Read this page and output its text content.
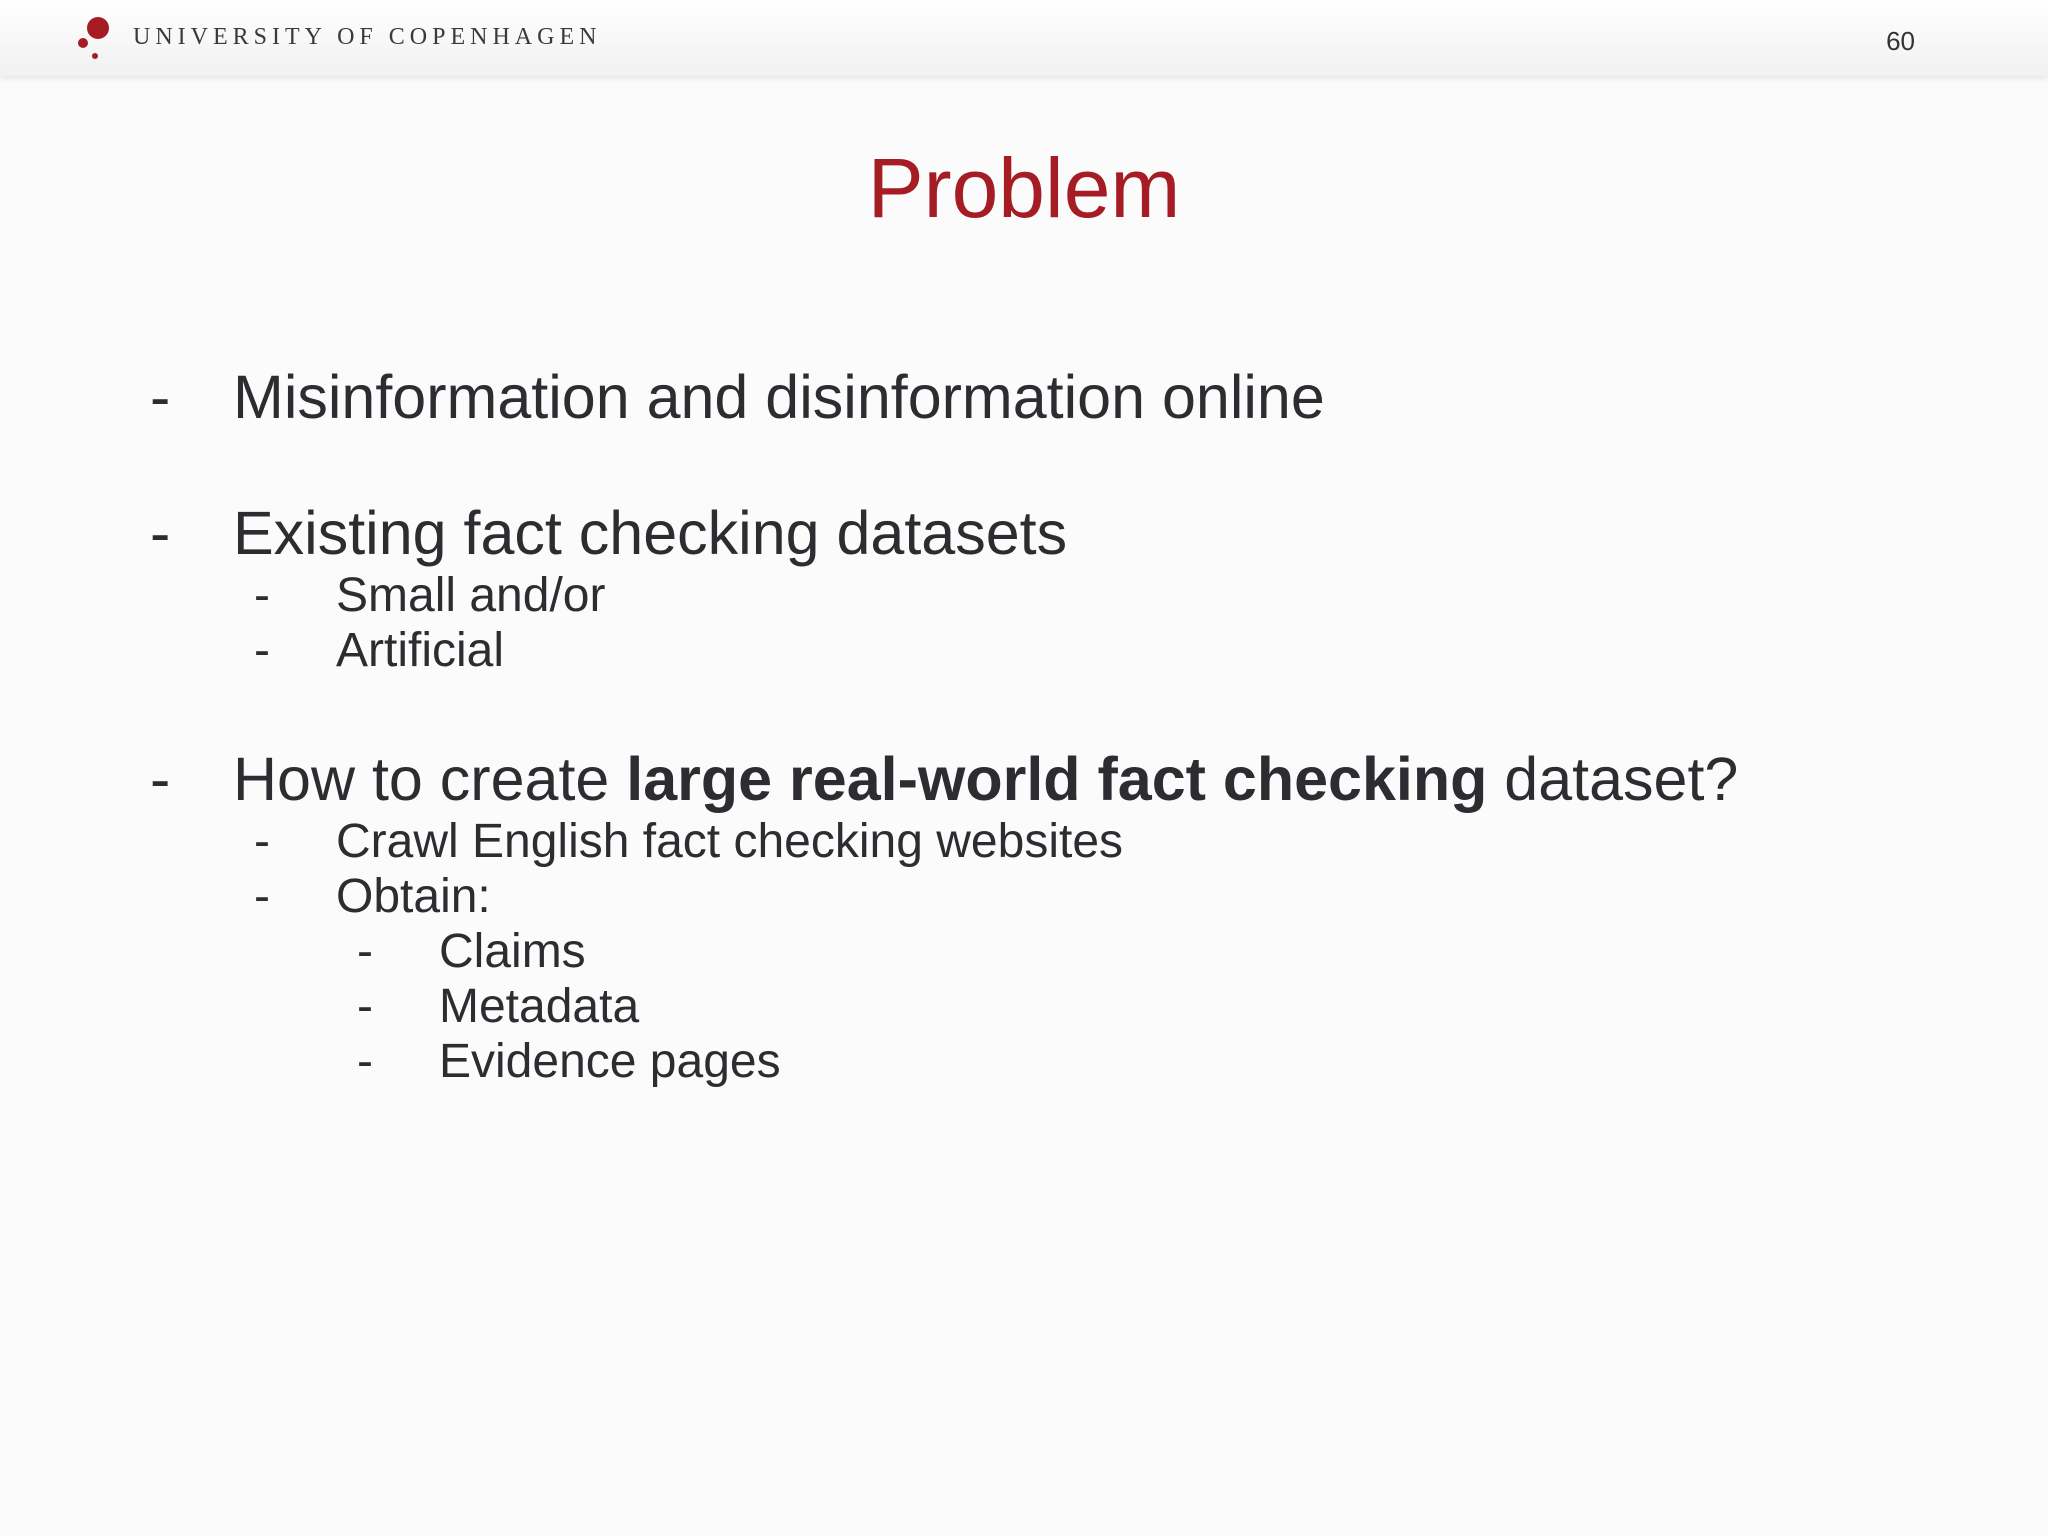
UNIVERSITY OF COPENHAGEN	60
Problem
- Misinformation and disinformation online
- Existing fact checking datasets
- Small and/or
- Artificial
- How to create large real-world fact checking dataset?
- Crawl English fact checking websites
- Obtain:
- Claims
- Metadata
- Evidence pages
